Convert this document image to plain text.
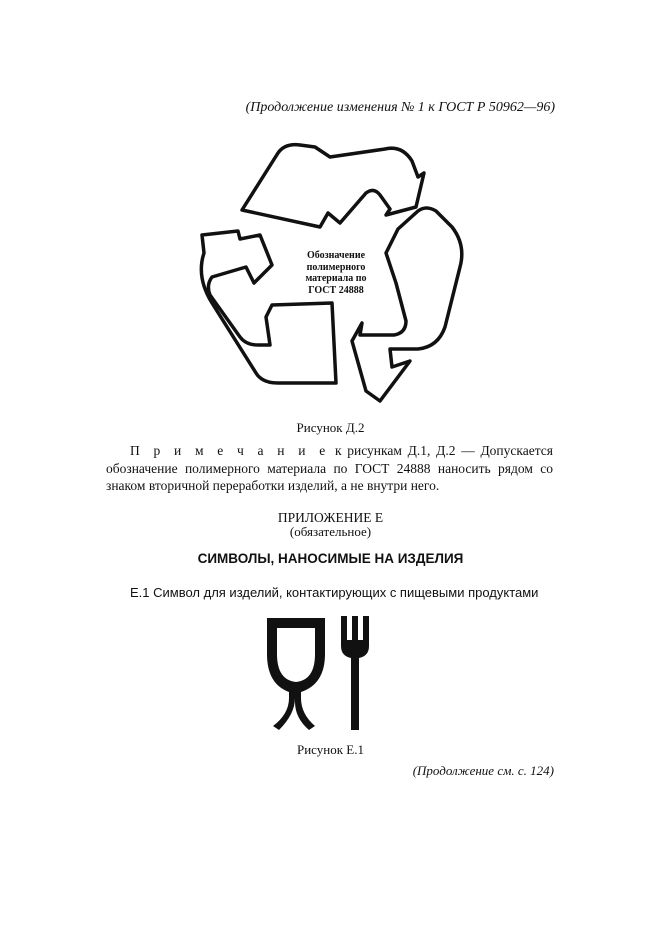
(Продолжение изменения № 1 к ГОСТ Р 50962—96)
Обозначение
полимерного
материала по
ГОСТ 24888
Рисунок Д.2
П р и м е ч а н и е к рисункам Д.1, Д.2 — Допускается обозначение полимерного материала по ГОСТ 24888 наносить рядом со знаком вторичной переработки изделий, а не внутри него.
ПРИЛОЖЕНИЕ Е
(обязательное)
СИМВОЛЫ, НАНОСИМЫЕ НА ИЗДЕЛИЯ
Е.1 Символ для изделий, контактирующих с пищевыми продуктами
Рисунок Е.1
(Продолжение см. с. 124)
